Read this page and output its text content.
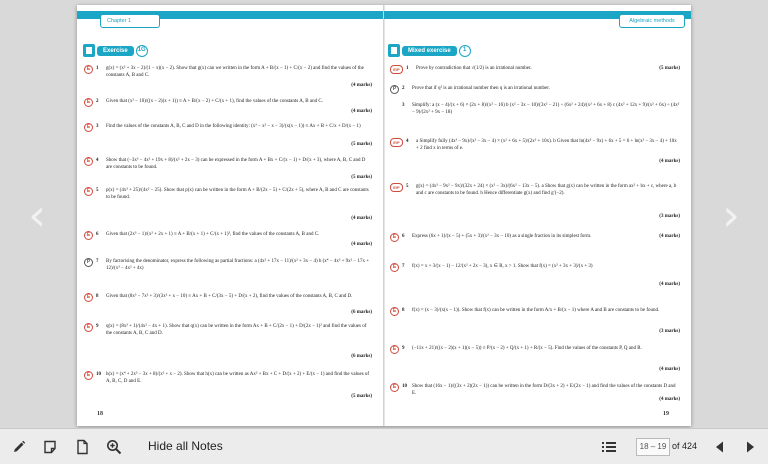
‹	›
Chapter 1
Exercise	1G
E	1	g(x) = (x² + 3x − 2)/(1 − x)(x − 2). Show that g(x) can we written in the form A + B/(x − 1) + C/(x − 2) and find the values of the constants A, B and C.
(4 marks)
E	2	Given that (x² − 10)/((x − 2)(x + 1)) ≡ A + B/(x − 2) + C/(x + 1), find the values of the constants A, B and C.
(4 marks)
E	3	Find the values of the constants A, B, C and D in the following identity: (x³ − x² − x − 3)/(x(x − 1)) ≡ Ax + B + C/x + D/(x − 1)
(5 marks)
E	4	Show that (−3x³ − 4x² + 19x + 8)/(x² + 2x − 3) can be expressed in the form A + Bx + C/(x − 1) + D/(x + 3), where A, B, C and D are constants to be found.
(5 marks)
E	5	p(x) = (4x³ + 25)/(4x² − 25). Show that p(x) can be written in the form A + B/(2x − 5) + C/(2x + 5), where A, B and C are constants to be found.
(4 marks)
E	6	Given that (2x³ − 1)/(x² + 2x + 1) ≡ A + B/(x + 1) + C/(x + 1)², find the values of the constants A, B and C.
(4 marks)
P	7	By factorising the denominator, express the following as partial fractions: a (4x² + 17x − 11)/(x² + 3x − 4) b (x⁴ − 4x³ + 9x² − 17x + 12)/(x³ − 4x² + 4x)
E	8	Given that (8x³ − 7x² + 3)/(3x² + x − 10) ≡ Ax + B + C/(3x − 5) + D/(x + 2), find the values of the constants A, B, C and D.
(6 marks)
E	9	q(x) = (8x³ + 1)/(4x² − 4x + 1). Show that q(x) can be written in the form Ax + B + C/(2x − 1) + D/(2x − 1)² and find the values of the constants A, B, C and D.
(6 marks)
E	10	h(x) = (x⁴ + 2x³ − 3x + 8)/(x² + x − 2). Show that h(x) can be written as Ax² + Bx + C + D/(x + 2) + E/(x − 1) and find the values of A, B, C, D and E.
(5 marks)
18
Algebraic methods
Mixed exercise	1
E/P	1	Prove by contradiction that √(1/2) is an irrational number.	(5 marks)
P	2	Prove that if q² is an irrational number then q is an irrational number.
3	Simplify: a (x − 4)/(x + 6) × (2x + 8)/(x² − 16) b (x² − 3x − 10)/(3x² − 21) ÷ (6x² + 24)/(x² + 6x + 8) c (4x² + 12x + 9)/(x² + 6x) ÷ (4x² − 9)/(2x² + 9x − 18)
E/P	4	a Simplify fully (4x³ − 9x)/(x² − 3x − 4) × (x² + 6x + 5)/(2x² + 10x). b Given that ln(4x³ − 9x) + 6x + 5 = 6 + ln(x² − 3x − 4) + 10x + 2 find x in terms of e.
(4 marks)
E/P	5	g(x) = (4x³ − 9x² − 9x)/(32x + 24) × (x² − 3x)/(6x² − 13x − 5). a Show that g(x) can be written in the form ax² + bx + c, where a, b and c are constants to be found. b Hence differentiate g(x) and find g′(−2).
(3 marks)
E	6	Express (6x + 1)/(x − 5) + (5x + 3)/(x² − 3x − 10) as a single fraction in its simplest form.	(4 marks)
E	7	f(x) = x + 3/(x − 1) − 12/(x² + 2x − 3), x ∈ R, x > 1. Show that f(x) = (x² + 3x + 3)/(x + 3)
(4 marks)
E	8	f(x) = (x − 3)/(x(x − 1)). Show that f(x) can be written in the form A/x + B/(x − 1) where A and B are constants to be found.
(3 marks)
E	9	(−11x + 21)/((x − 2)(x + 1)(x − 5)) ≡ P/(x − 2) + Q/(x + 1) + R/(x − 5). Find the values of the constants P, Q and R.
(4 marks)
E	10	Show that (16x − 1)/((3x + 2)(2x − 1)) can be written in the form D/(3x + 2) + E/(2x − 1) and find the values of the constants D and E.
(4 marks)
19
Hide all Notes	18 – 19 of 424
